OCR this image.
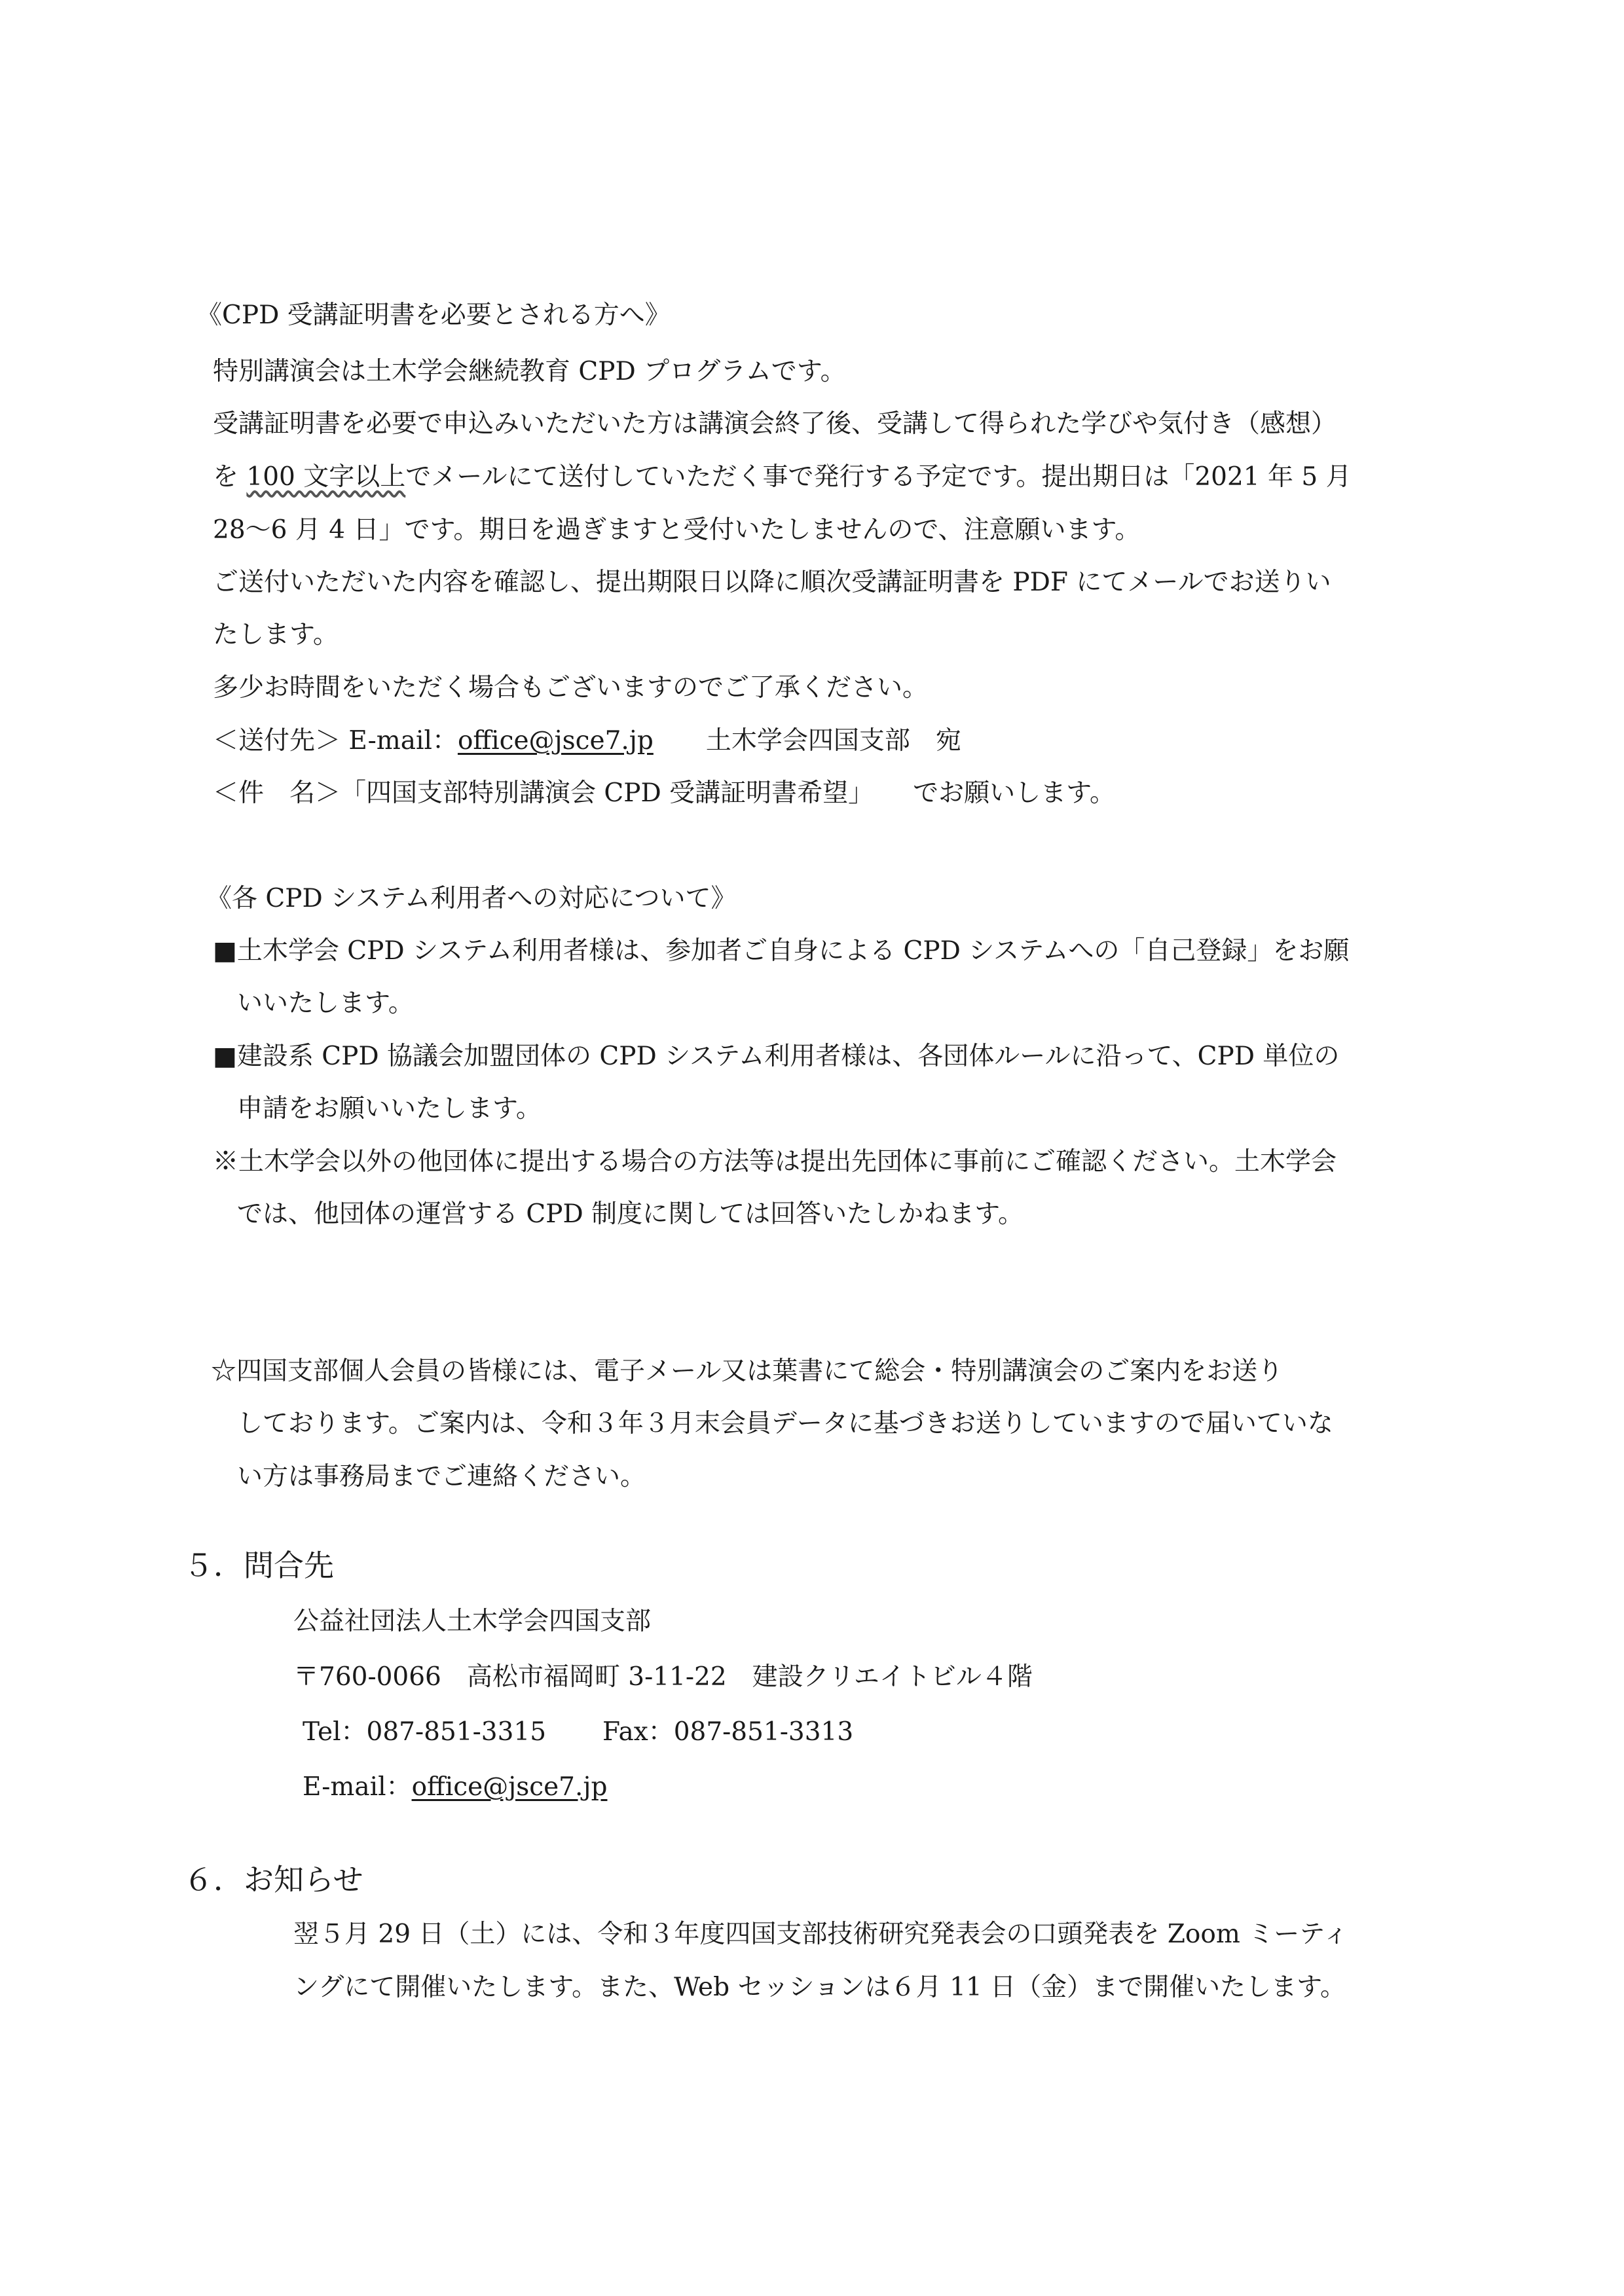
《CPD 受講証明書を必要とされる方へ》
特別講演会は土木学会継続教育 CPD プログラムです。
受講証明書を必要で申込みいただいた方は講演会終了後、受講して得られた学びや気付き（感想）
を 100 文字以上でメールにて送付していただく事で発行する予定です。提出期日は「2021 年 5 月
28〜6 月 4 日」です。期日を過ぎますと受付いたしませんので、注意願います。
ご送付いただいた内容を確認し、提出期限日以降に順次受講証明書を PDF にてメールでお送りい
たします。
多少お時間をいただく場合もございますのでご了承ください。
＜送付先＞ E-mail：office@jsce7.jp 土木学会四国支部　宛
＜件　名＞「四国支部特別講演会 CPD 受講証明書希望」 でお願いします。
《各 CPD システム利用者への対応について》
■土木学会 CPD システム利用者様は、参加者ご自身による CPD システムへの「自己登録」をお願
いいたします。
■建設系 CPD 協議会加盟団体の CPD システム利用者様は、各団体ルールに沿って、CPD 単位の
申請をお願いいたします。
※土木学会以外の他団体に提出する場合の方法等は提出先団体に事前にご確認ください。土木学会
では、他団体の運営する CPD 制度に関しては回答いたしかねます。
☆四国支部個人会員の皆様には、電子メール又は葉書にて総会・特別講演会のご案内をお送り
しております。ご案内は、令和３年３月末会員データに基づきお送りしていますので届いていな
い方は事務局までご連絡ください。
５．問合先
公益社団法人土木学会四国支部
〒760-0066　高松市福岡町 3-11-22　建設クリエイトビル４階
Tel：087-851-3315 Fax：087-851-3313
E-mail：office@jsce7.jp
６．お知らせ
翌５月 29 日（土）には、令和３年度四国支部技術研究発表会の口頭発表を Zoom ミーティ
ングにて開催いたします。また、Web セッションは６月 11 日（金）まで開催いたします。
